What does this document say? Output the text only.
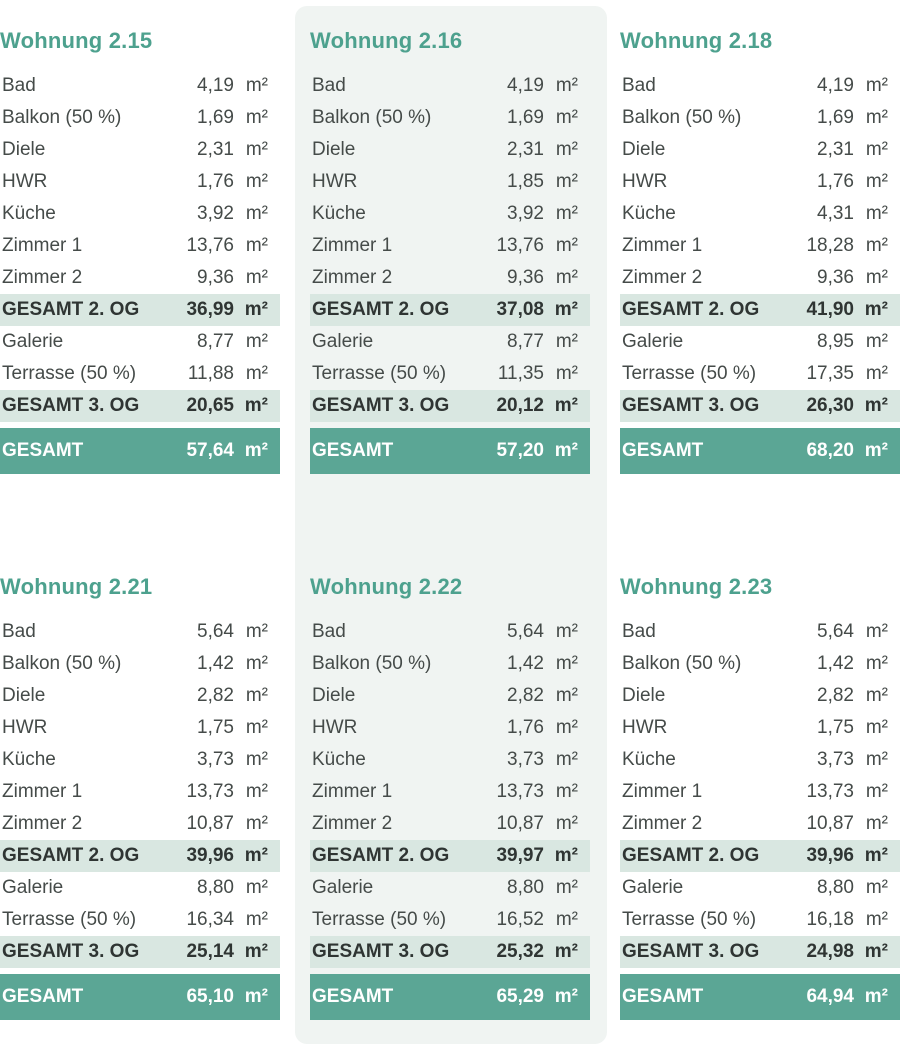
Wohnung 2.15
Bad	4,19 m²
Balkon (50 %)	1,69 m²
Diele	2,31 m²
HWR	1,76 m²
Küche	3,92 m²
Zimmer 1	13,76 m²
Zimmer 2	9,36 m²
GESAMT 2. OG	36,99 m²
Galerie	8,77 m²
Terrasse (50 %)	11,88 m²
GESAMT 3. OG	20,65 m²
GESAMT	57,64 m²
Wohnung 2.16
Bad	4,19 m²
Balkon (50 %)	1,69 m²
Diele	2,31 m²
HWR	1,85 m²
Küche	3,92 m²
Zimmer 1	13,76 m²
Zimmer 2	9,36 m²
GESAMT 2. OG	37,08 m²
Galerie	8,77 m²
Terrasse (50 %)	11,35 m²
GESAMT 3. OG	20,12 m²
GESAMT	57,20 m²
Wohnung 2.18
Bad	4,19 m²
Balkon (50 %)	1,69 m²
Diele	2,31 m²
HWR	1,76 m²
Küche	4,31 m²
Zimmer 1	18,28 m²
Zimmer 2	9,36 m²
GESAMT 2. OG	41,90 m²
Galerie	8,95 m²
Terrasse (50 %)	17,35 m²
GESAMT 3. OG	26,30 m²
GESAMT	68,20 m²
Wohnung 2.21
Bad	5,64 m²
Balkon (50 %)	1,42 m²
Diele	2,82 m²
HWR	1,75 m²
Küche	3,73 m²
Zimmer 1	13,73 m²
Zimmer 2	10,87 m²
GESAMT 2. OG	39,96 m²
Galerie	8,80 m²
Terrasse (50 %)	16,34 m²
GESAMT 3. OG	25,14 m²
GESAMT	65,10 m²
Wohnung 2.22
Bad	5,64 m²
Balkon (50 %)	1,42 m²
Diele	2,82 m²
HWR	1,76 m²
Küche	3,73 m²
Zimmer 1	13,73 m²
Zimmer 2	10,87 m²
GESAMT 2. OG	39,97 m²
Galerie	8,80 m²
Terrasse (50 %)	16,52 m²
GESAMT 3. OG	25,32 m²
GESAMT	65,29 m²
Wohnung 2.23
Bad	5,64 m²
Balkon (50 %)	1,42 m²
Diele	2,82 m²
HWR	1,75 m²
Küche	3,73 m²
Zimmer 1	13,73 m²
Zimmer 2	10,87 m²
GESAMT 2. OG	39,96 m²
Galerie	8,80 m²
Terrasse (50 %)	16,18 m²
GESAMT 3. OG	24,98 m²
GESAMT	64,94 m²
